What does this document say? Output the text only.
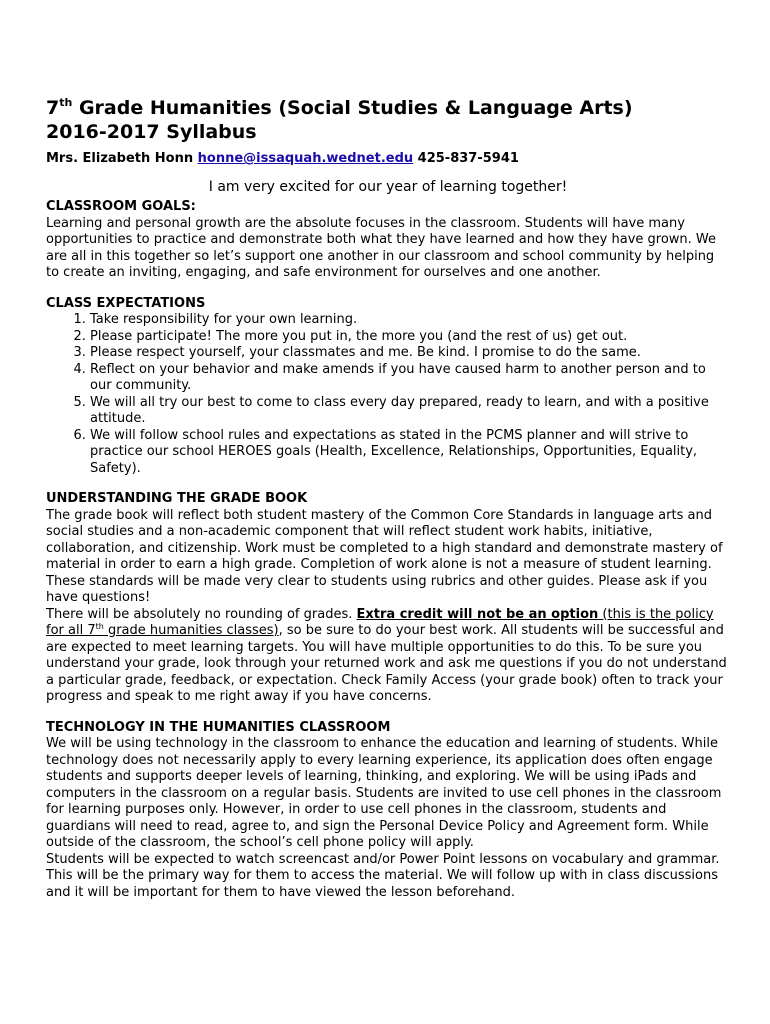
7th Grade Humanities (Social Studies & Language Arts)
2016-2017 Syllabus
Mrs. Elizabeth Honn honne@issaquah.wednet.edu 425-837-5941
I am very excited for our year of learning together!
CLASSROOM GOALS:
Learning and personal growth are the absolute focuses in the classroom. Students will have many opportunities to practice and demonstrate both what they have learned and how they have grown. We are all in this together so let’s support one another in our classroom and school community by helping to create an inviting, engaging, and safe environment for ourselves and one another.
CLASS EXPECTATIONS
1. Take responsibility for your own learning.
2. Please participate! The more you put in, the more you (and the rest of us) get out.
3. Please respect yourself, your classmates and me. Be kind. I promise to do the same.
4. Reflect on your behavior and make amends if you have caused harm to another person and to our community.
5. We will all try our best to come to class every day prepared, ready to learn, and with a positive attitude.
6. We will follow school rules and expectations as stated in the PCMS planner and will strive to practice our school HEROES goals (Health, Excellence, Relationships, Opportunities, Equality, Safety).
UNDERSTANDING THE GRADE BOOK
The grade book will reflect both student mastery of the Common Core Standards in language arts and social studies and a non-academic component that will reflect student work habits, initiative, collaboration, and citizenship. Work must be completed to a high standard and demonstrate mastery of material in order to earn a high grade. Completion of work alone is not a measure of student learning. These standards will be made very clear to students using rubrics and other guides. Please ask if you have questions!
There will be absolutely no rounding of grades. Extra credit will not be an option (this is the policy for all 7th grade humanities classes), so be sure to do your best work. All students will be successful and are expected to meet learning targets. You will have multiple opportunities to do this. To be sure you understand your grade, look through your returned work and ask me questions if you do not understand a particular grade, feedback, or expectation. Check Family Access (your grade book) often to track your progress and speak to me right away if you have concerns.
TECHNOLOGY IN THE HUMANITIES CLASSROOM
We will be using technology in the classroom to enhance the education and learning of students. While technology does not necessarily apply to every learning experience, its application does often engage students and supports deeper levels of learning, thinking, and exploring. We will be using iPads and computers in the classroom on a regular basis. Students are invited to use cell phones in the classroom for learning purposes only. However, in order to use cell phones in the classroom, students and guardians will need to read, agree to, and sign the Personal Device Policy and Agreement form. While outside of the classroom, the school’s cell phone policy will apply.
Students will be expected to watch screencast and/or Power Point lessons on vocabulary and grammar. This will be the primary way for them to access the material. We will follow up with in class discussions and it will be important for them to have viewed the lesson beforehand.
